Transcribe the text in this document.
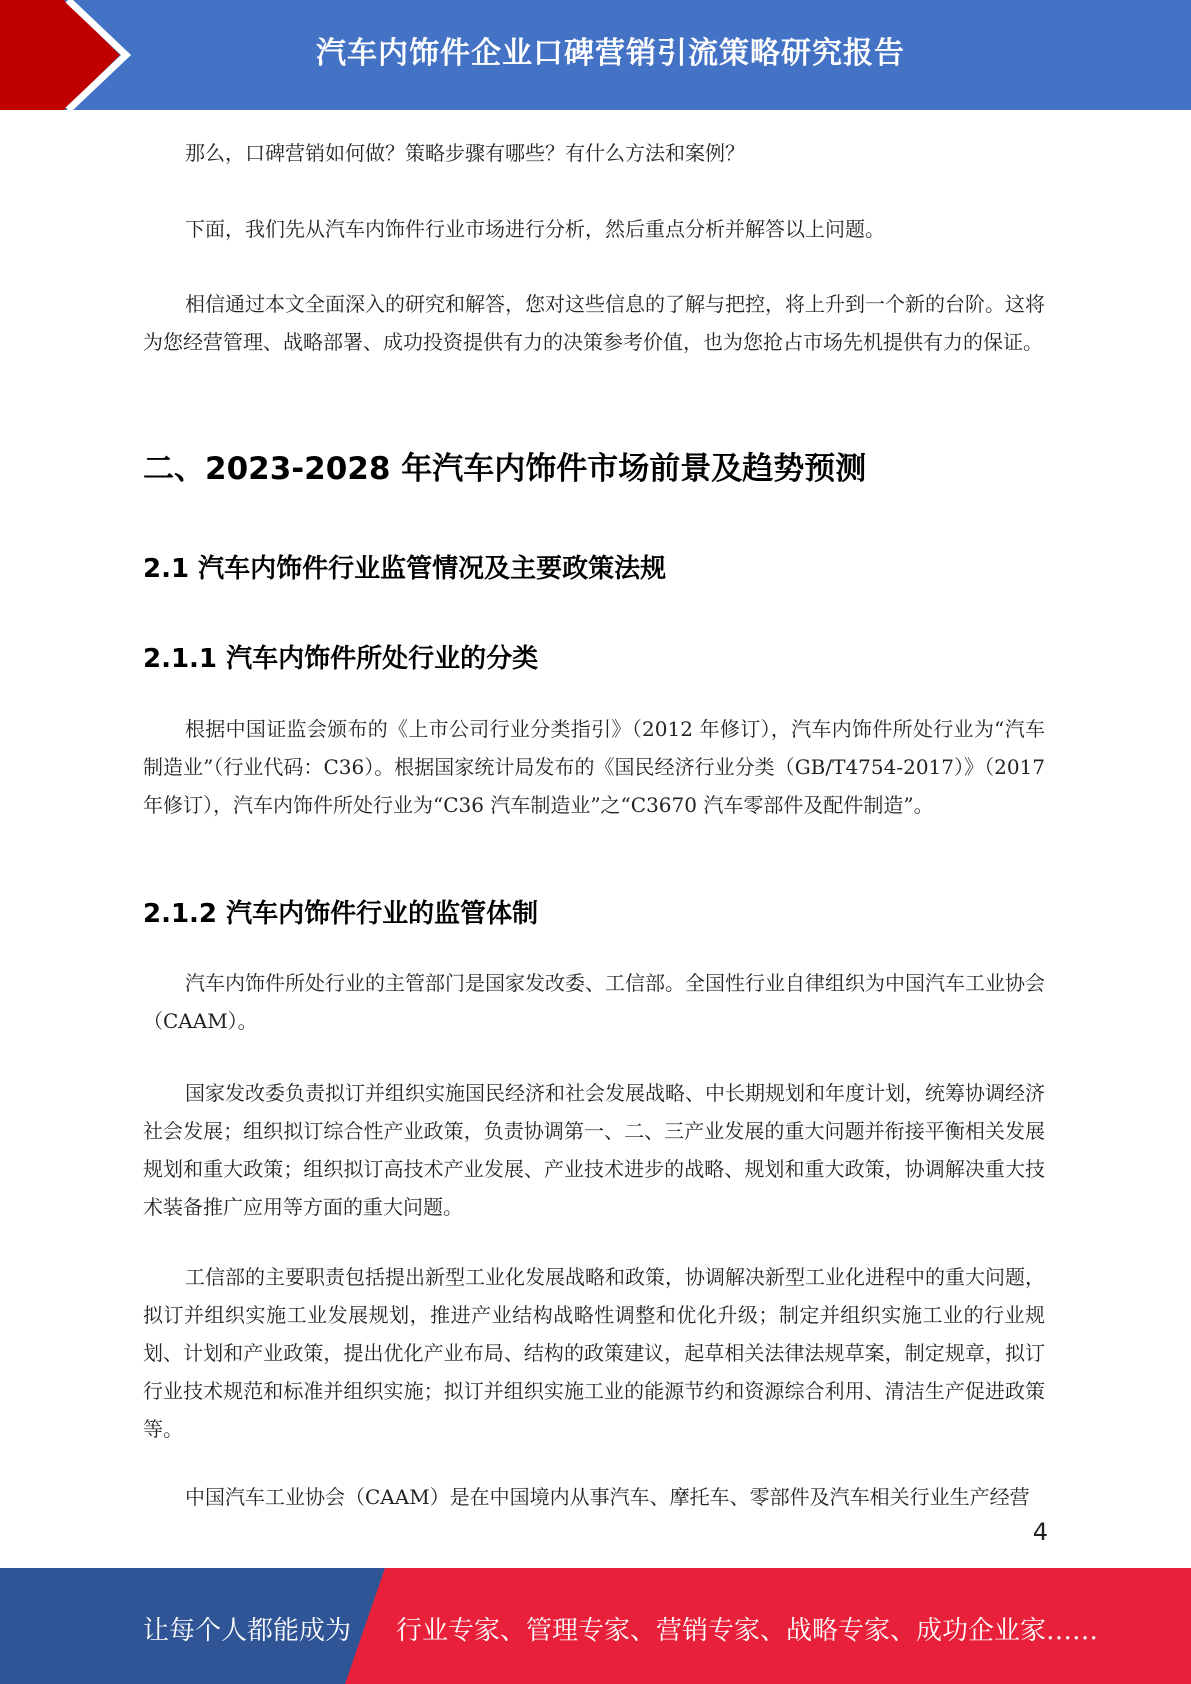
汽车内饰件企业口碑营销引流策略研究报告
那么，口碑营销如何做？策略步骤有哪些？有什么方法和案例？
下面，我们先从汽车内饰件行业市场进行分析，然后重点分析并解答以上问题。
相信通过本文全面深入的研究和解答，您对这些信息的了解与把控，将上升到一个新的台阶。这将为您经营管理、战略部署、成功投资提供有力的决策参考价值，也为您抢占市场先机提供有力的保证。
二、2023-2028 年汽车内饰件市场前景及趋势预测
2.1 汽车内饰件行业监管情况及主要政策法规
2.1.1 汽车内饰件所处行业的分类
根据中国证监会颁布的《上市公司行业分类指引》（2012 年修订），汽车内饰件所处行业为“汽车制造业”（行业代码：C36）。根据国家统计局发布的《国民经济行业分类（GB/T4754-2017）》（2017 年修订），汽车内饰件所处行业为“C36 汽车制造业”之“C3670 汽车零部件及配件制造”。
2.1.2 汽车内饰件行业的监管体制
汽车内饰件所处行业的主管部门是国家发改委、工信部。全国性行业自律组织为中国汽车工业协会（CAAM）。
国家发改委负责拟订并组织实施国民经济和社会发展战略、中长期规划和年度计划，统筹协调经济社会发展；组织拟订综合性产业政策，负责协调第一、二、三产业发展的重大问题并衔接平衡相关发展规划和重大政策；组织拟订高技术产业发展、产业技术进步的战略、规划和重大政策，协调解决重大技术装备推广应用等方面的重大问题。
工信部的主要职责包括提出新型工业化发展战略和政策，协调解决新型工业化进程中的重大问题，拟订并组织实施工业发展规划，推进产业结构战略性调整和优化升级；制定并组织实施工业的行业规划、计划和产业政策，提出优化产业布局、结构的政策建议，起草相关法律法规草案，制定规章，拟订行业技术规范和标准并组织实施；拟订并组织实施工业的能源节约和资源综合利用、清洁生产促进政策等。
中国汽车工业协会（CAAM）是在中国境内从事汽车、摩托车、零部件及汽车相关行业生产经营
4
让每个人都能成为 行业专家、管理专家、营销专家、战略专家、成功企业家……
